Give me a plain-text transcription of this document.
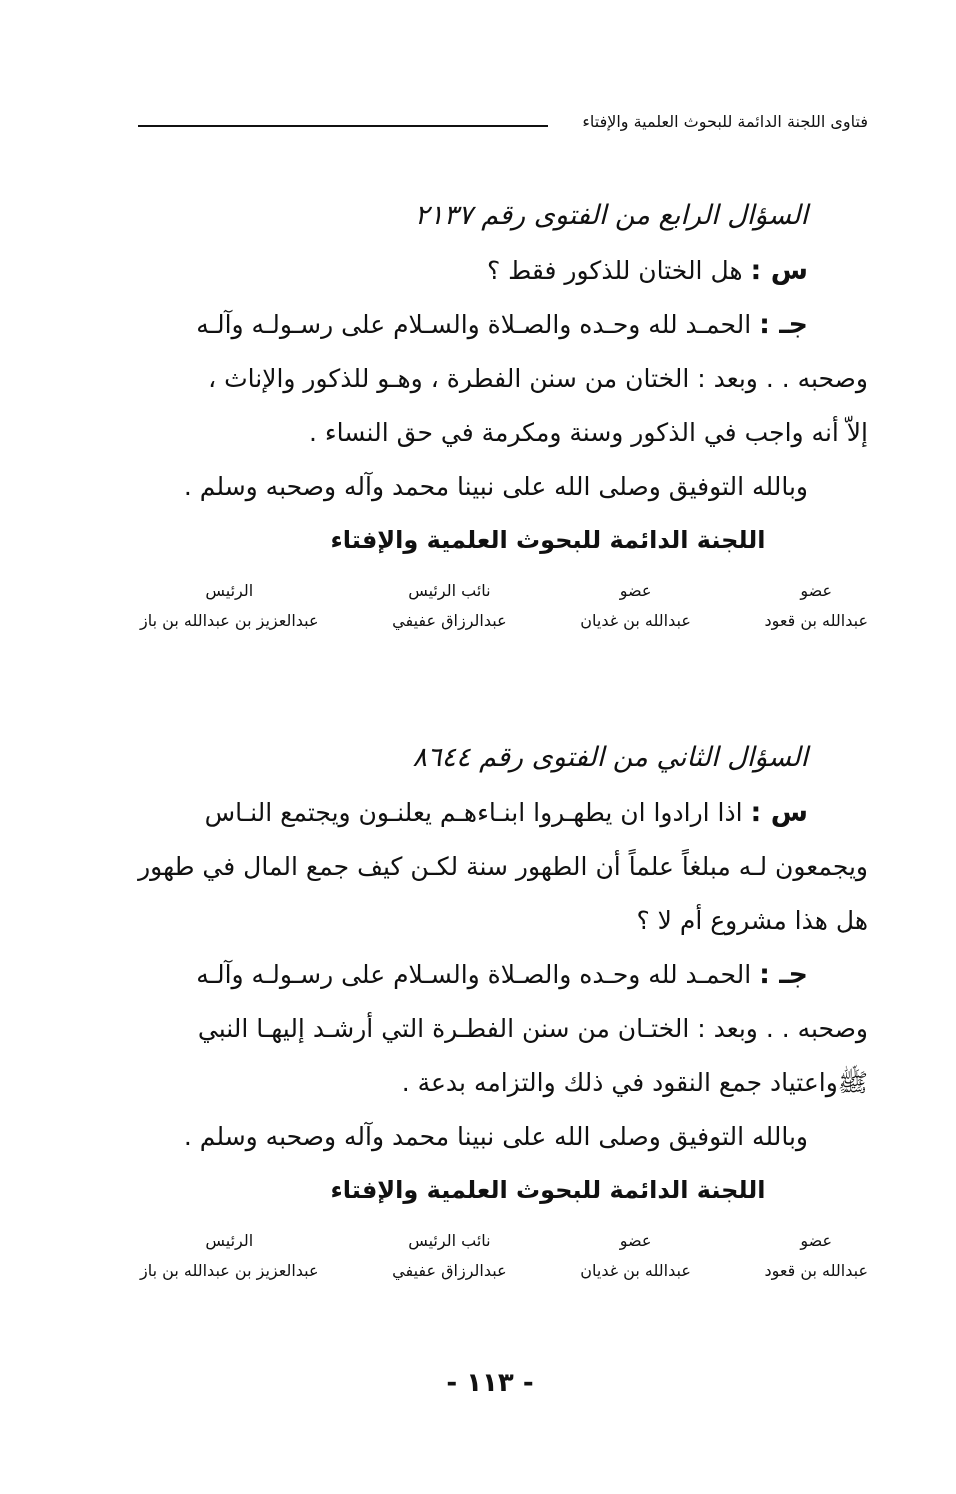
فتاوى اللجنة الدائمة للبحوث العلمية والإفتاء
السؤال الرابع من الفتوى رقم ٢١٣٧
س : هل الختان للذكور فقط ؟
جـ : الحمـد لله وحـده والصـلاة والسـلام على رسـولـه وآلـه
وصحبه . . وبعد : الختان من سنن الفطرة ، وهـو للذكور والإناث ،
إلاّ أنه واجب في الذكور وسنة ومكرمة في حق النساء .
وبالله التوفيق وصلى الله على نبينا محمد وآله وصحبه وسلم .
اللجنة الدائمة للبحوث العلمية والإفتاء
عضو
عبدالله بن قعود
عضو
عبدالله بن غديان
نائب الرئيس
عبدالرزاق عفيفي
الرئيس
عبدالعزيز بن عبدالله بن باز
السؤال الثاني من الفتوى رقم ٨٦٤٤
س : اذا ارادوا ان يطهـروا ابنـاءهـم يعلنـون ويجتمع النـاس
ويجمعون لـه مبلغاً علماً أن الطهور سنة لكـن كيف جمع المال في طهور
هل هذا مشروع أم لا ؟
جـ : الحمـد لله وحـده والصـلاة والسـلام على رسـولـه وآلـه
وصحبه . . وبعد : الختـان من سنن الفطـرة التي أرشـد إليهـا النبي
ﷺواعتياد جمع النقود في ذلك والتزامه بدعة .
وبالله التوفيق وصلى الله على نبينا محمد وآله وصحبه وسلم .
اللجنة الدائمة للبحوث العلمية والإفتاء
عضو
عبدالله بن قعود
عضو
عبدالله بن غديان
نائب الرئيس
عبدالرزاق عفيفي
الرئيس
عبدالعزيز بن عبدالله بن باز
- ١١٣ -
